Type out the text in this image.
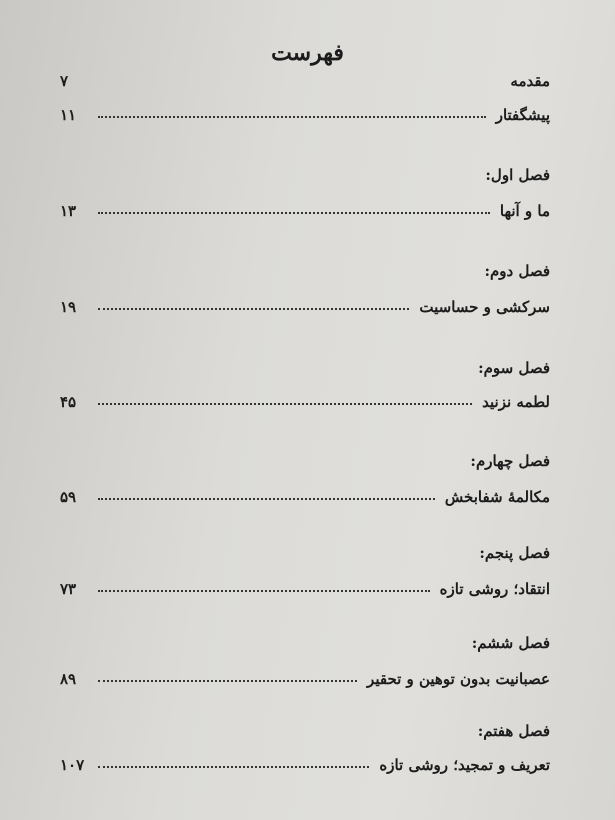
فهرست
مقدمه
۷
پیشگفتار
۱۱
فصل اول:
ما و آنها
۱۳
فصل دوم:
سرکشی و حساسیت
۱۹
فصل سوم:
لطمه نزنید
۴۵
فصل چهارم:
مکالمهٔ شفابخش
۵۹
فصل پنجم:
انتقاد؛ روشی تازه
۷۳
فصل ششم:
عصبانیت بدون توهین و تحقیر
۸۹
فصل هفتم:
تعریف و تمجید؛ روشی تازه
۱۰۷
